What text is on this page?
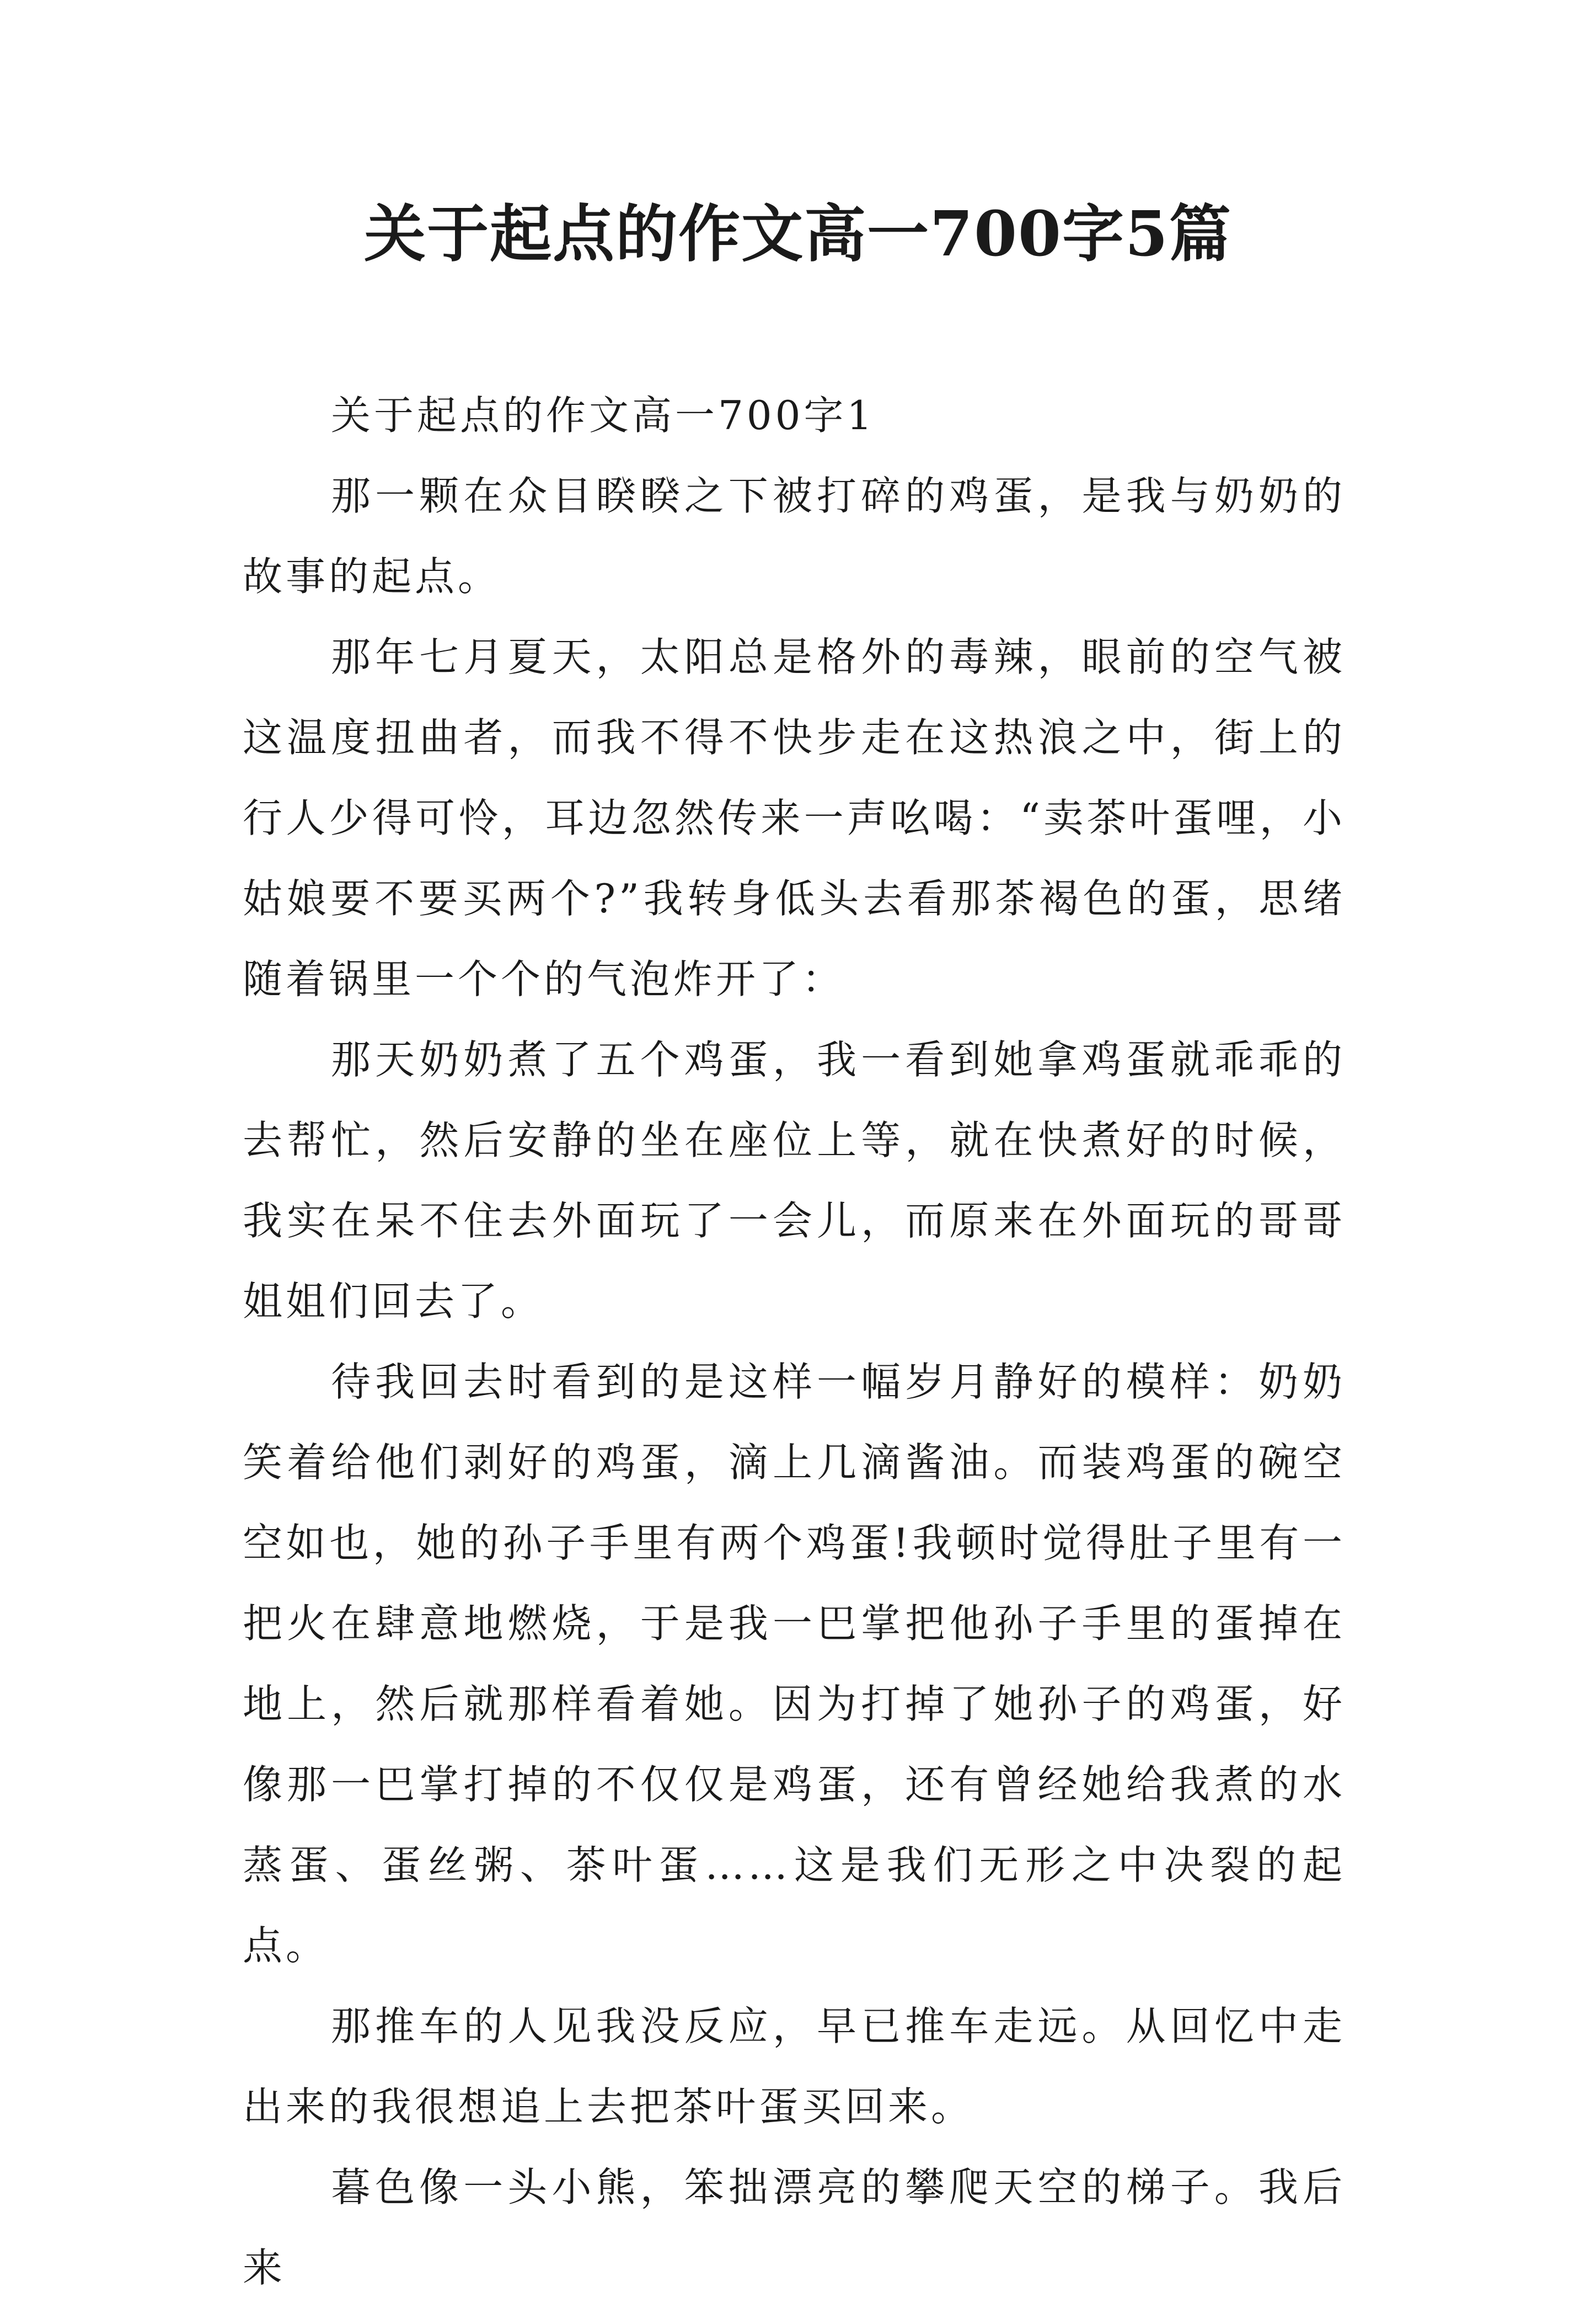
关于起点的作文高一700字5篇

关于起点的作文高一700字1

那一颗在众目睽睽之下被打碎的鸡蛋，是我与奶奶的故事的起点。

那年七月夏天，太阳总是格外的毒辣，眼前的空气被这温度扭曲者，而我不得不快步走在这热浪之中，街上的行人少得可怜，耳边忽然传来一声吆喝：“卖茶叶蛋哩，小姑娘要不要买两个?”我转身低头去看那茶褐色的蛋，思绪随着锅里一个个的气泡炸开了：

那天奶奶煮了五个鸡蛋，我一看到她拿鸡蛋就乖乖的去帮忙，然后安静的坐在座位上等，就在快煮好的时候，我实在呆不住去外面玩了一会儿，而原来在外面玩的哥哥姐姐们回去了。

待我回去时看到的是这样一幅岁月静好的模样：奶奶笑着给他们剥好的鸡蛋，滴上几滴酱油。而装鸡蛋的碗空空如也，她的孙子手里有两个鸡蛋!我顿时觉得肚子里有一把火在肆意地燃烧，于是我一巴掌把他孙子手里的蛋掉在地上，然后就那样看着她。因为打掉了她孙子的鸡蛋，好像那一巴掌打掉的不仅仅是鸡蛋，还有曾经她给我煮的水蒸蛋、蛋丝粥、茶叶蛋……这是我们无形之中决裂的起点。

那推车的人见我没反应，早已推车走远。从回忆中走出来的我很想追上去把茶叶蛋买回来。

暮色像一头小熊，笨拙漂亮的攀爬天空的梯子。我后来
